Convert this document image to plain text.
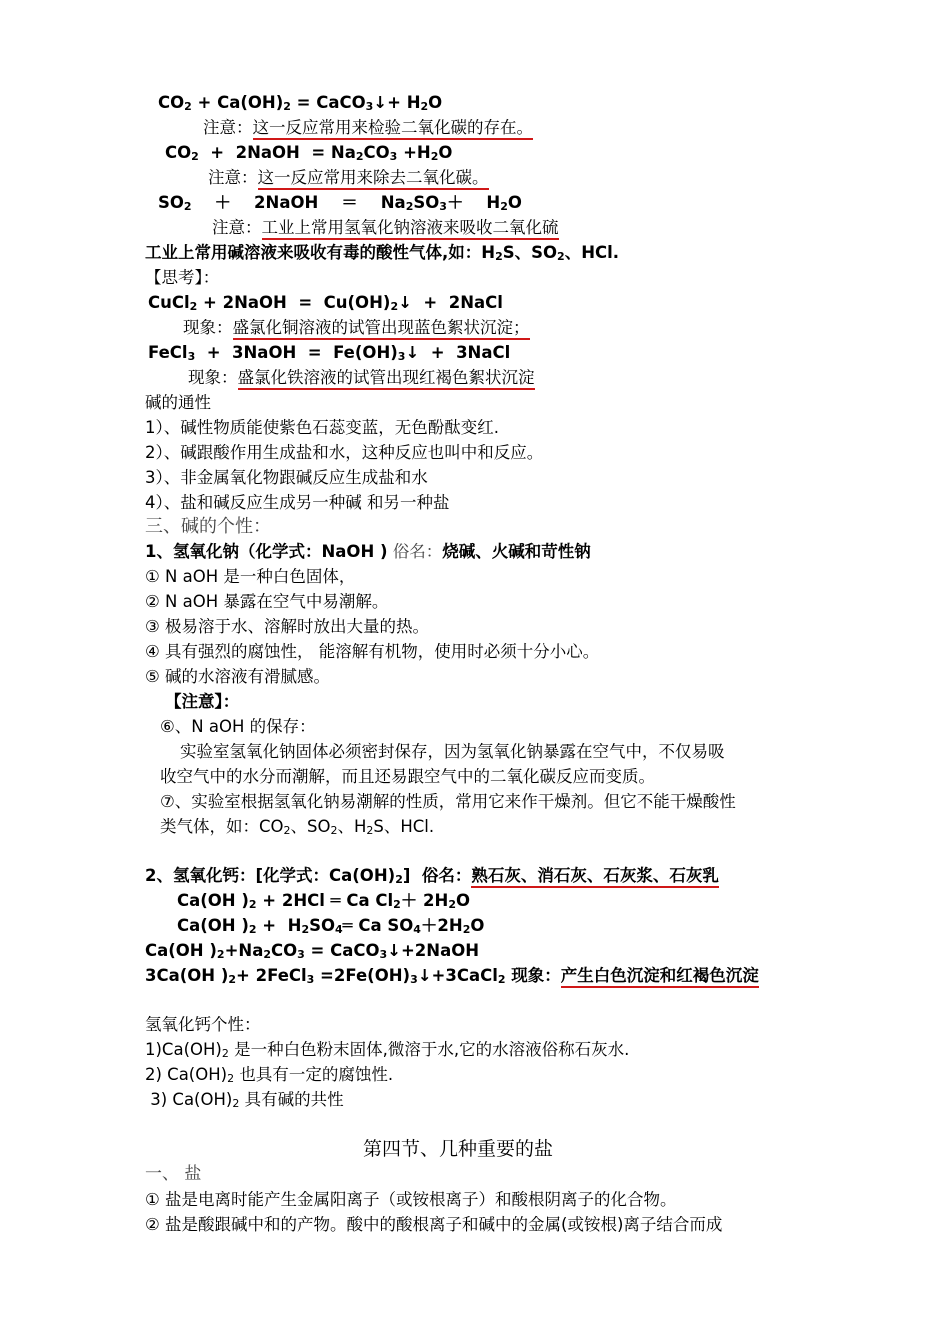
CO2 + Ca(OH)2 = CaCO3↓+ H2O
注意：这一反应常用来检验二氧化碳的存在。
CO2  +  2NaOH  = Na2CO3 +H2O
注意：这一反应常用来除去二氧化碳。
SO2    ＋    2NaOH    ＝    Na2SO3＋    H2O
注意：工业上常用氢氧化钠溶液来吸收二氧化硫
工业上常用碱溶液来吸收有毒的酸性气体,如：H2S、SO2、HCl.
【思考】：
CuCl2 + 2NaOH  =  Cu(OH)2↓  +  2NaCl
现象：盛氯化铜溶液的试管出现蓝色絮状沉淀；
FeCl3  +  3NaOH  =  Fe(OH)3↓  +  3NaCl
现象：盛氯化铁溶液的试管出现红褐色絮状沉淀
碱的通性
1）、碱性物质能使紫色石蕊变蓝，无色酚酞变红.
2）、碱跟酸作用生成盐和水，这种反应也叫中和反应。
3）、非金属氧化物跟碱反应生成盐和水
4）、盐和碱反应生成另一种碱 和另一种盐
三、碱的个性：
1、氢氧化钠（化学式：NaOH ) 俗名：烧碱、火碱和苛性钠
① N aOH 是一种白色固体，
② N aOH 暴露在空气中易潮解。
③ 极易溶于水、溶解时放出大量的热。
④ 具有强烈的腐蚀性， 能溶解有机物，使用时必须十分小心。
⑤ 碱的水溶液有滑腻感。
【注意】：
⑥、N aOH 的保存：
实验室氢氧化钠固体必须密封保存，因为氢氧化钠暴露在空气中，不仅易吸
收空气中的水分而潮解，而且还易跟空气中的二氧化碳反应而变质。
⑦、实验室根据氢氧化钠易潮解的性质，常用它来作干燥剂。但它不能干燥酸性
类气体，如：CO2、SO2、H2S、HCl.
2、氢氧化钙：[化学式：Ca(OH)2]  俗名：熟石灰、消石灰、石灰浆、石灰乳
Ca(OH )2 + 2HCl ═ Ca Cl2＋ 2H2O
Ca(OH )2 +  H2SO4═ Ca SO4＋2H2O
Ca(OH )2+Na2CO3 = CaCO3↓+2NaOH
3Ca(OH )2+ 2FeCl3 =2Fe(OH)3↓+3CaCl2 现象：产生白色沉淀和红褐色沉淀
氢氧化钙个性：
1)Ca(OH)2 是一种白色粉末固体,微溶于水,它的水溶液俗称石灰水.
2) Ca(OH)2 也具有一定的腐蚀性.
3) Ca(OH)2 具有碱的共性
第四节、几种重要的盐
一、 盐
① 盐是电离时能产生金属阳离子（或铵根离子）和酸根阴离子的化合物。
② 盐是酸跟碱中和的产物。酸中的酸根离子和碱中的金属(或铵根)离子结合而成
